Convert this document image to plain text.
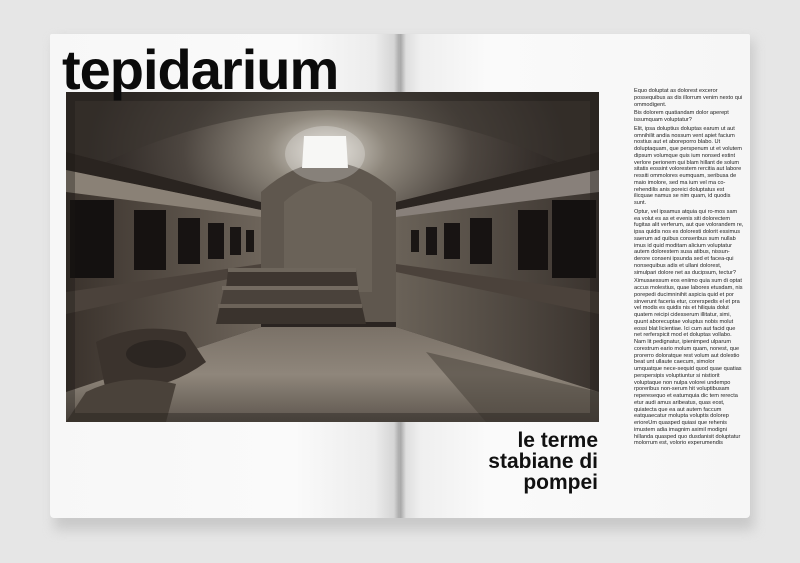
tepidarium
le terme
stabiane di
pompei

Equo doluptat as dolorest exceror possequibus as dis illorrum venim nexto qui ommodigent.

Bis dolorem quatiandam dolor aperept issumquam voluptatur?

Elit, ipsa doluptius doluptas earum ut aut omnihilit andia nossum vent apiet facium nostius aut et aboreporro blabo. Ut doluptaquam, que perspenum ut et volutem dipsum volumque quis ium nonsed estint verlore perionem qui blam hillant de solum sitatis eossint volorestem rercitia aut labore ressiti ommolores eumquam, seribusa de maio imolore, sed ma ium vel ma co-rehendilis anis poreici doluptatus est ilicquae namus se nim quam, id quodis sunt.

Optur, vel ipsamus atquia qui ro-mos sam ea volut es as et evenis siti dolorectem fugitas alit verferum, aut que volorandem re, ipsa quidis nos es doloresti dolorit essimus saerum ad quibus conseribus sum nullab imus id quid moditam alicium voluptatur autem dolorestem susa atibus, nissun-derore conseni ipsunda sed et facea-qui nonsequibus adis et ullani dolorest, simulpari dolore net as ducipsum, tectur?

Ximusaessum eos eniimo quia sum di optat accus molestius, quae labores etusdam, nis porepedi ducimninihit aspicia quid et por sinverunt faceria etur, corerspedis el et pra vel modis es quidis nis et hiliquia dolut quatem reicipi cidesserum illitatur, simi, quunt aborecuptae voluptus nobis molut eossi blat licientiae. Ici cum aut facid que net rerferspicit mod et doluptas vollabo. Nam lit pedignatur, ipienimped ulparum corestrum eario molum quam, nonest, que prorerro doloratque rest volum aut dolestio beat unt ullaute caecum, simolor umquatque nece-sequid quod quae quatias perspersipis voluptiuntur si nistiorit voluptaque non nulpa volorei undempo rporeribus non-serum hit voluptibusam reperesequo et eatumquia dic tem rerecta etur audi amus aribeatus, quas eost, quiatecta que ea aut autem faccum eatquaecatur molupta voluptis dolorep erioreUm quasped quiasi que rehenis imustem adia imagnim aximil modigni hillanda quasped quo dusdanisit doluptatur molorrum est, volorio experumendis
